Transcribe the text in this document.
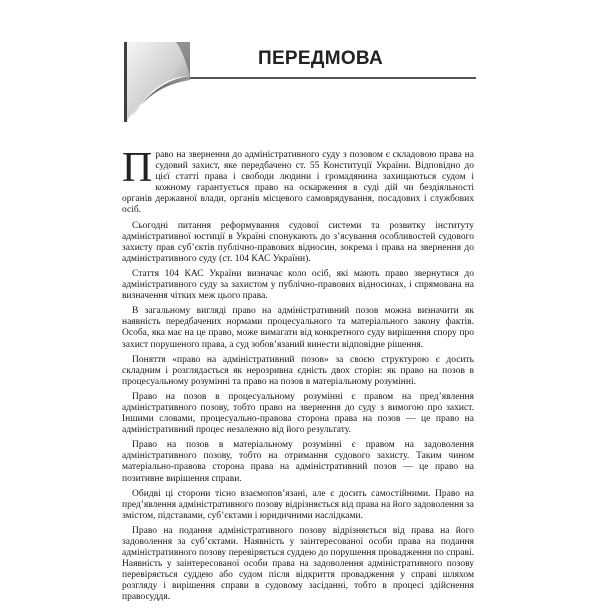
ПЕРЕДМОВА

Право на звернення до адміністративного суду з позовом є складовою права на судовий захист, яке передбачено ст. 55 Конституції України. Відповідно до цієї статті права і свободи людини і громадянина захищаються судом і кожному гарантується право на оскарження в суді дій чи бездіяльності органів державної влади, органів місцевого самоврядування, посадових і службових осіб.

Сьогодні питання реформування судової системи та розвитку інституту адміністративної юстиції в Україні спонукають до з’ясування особливостей судового захисту прав суб’єктів публічно-правових відносин, зокрема і права на звернення до адміністративного суду (ст. 104 КАС України).

Стаття 104 КАС України визначає коло осіб, які мають право звернутися до адміністративного суду за захистом у публічно-правових відносинах, і спрямована на визначення чітких меж цього права.

В загальному вигляді право на адміністративний позов можна визначити як наявність передбачених нормами процесуального та матеріального закону фактів. Особа, яка має на це право, може вимагати від конкретного суду вирішення спору про захист порушеного права, а суд зобов’язаний винести відповідне рішення.

Поняття «право на адміністративний позов» за своєю структурою є досить складним і розглядається як нерозривна єдність двох сторін: як право на позов в процесуальному розумінні та право на позов в матеріальному розумінні.

Право на позов в процесуальному розумінні є правом на пред’явлення адміністративного позову, тобто право на звернення до суду з вимогою про захист. Іншими словами, процесуально-правова сторона права на позов — це право на адміністративний процес незалежно від його результату.

Право на позов в матеріальному розумінні є правом на задоволення адміністративного позову, тобто на отримання судового захисту. Таким чином матеріально-правова сторона права на адміністративний позов — це право на позитивне вирішення справи.

Обидві ці сторони тісно взаємопов’язані, але є досить самостійними. Право на пред’явлення адміністративного позову відрізняється від права на його задоволення за змістом, підставами, суб’єктами і юридичними наслідками.

Право на подання адміністративного позову відрізняється від права на його задоволення за суб’єктами. Наявність у заінтересованої особи права на подання адміністративного позову перевіряється суддею до порушення провадження по справі. Наявність у заінтересованої особи права на задоволення адміністративного позову перевіряється суддею або судом після відкриття провадження у справі шляхом розгляду і вирішення справи в судовому засіданні, тобто в процесі здійснення правосуддя.
